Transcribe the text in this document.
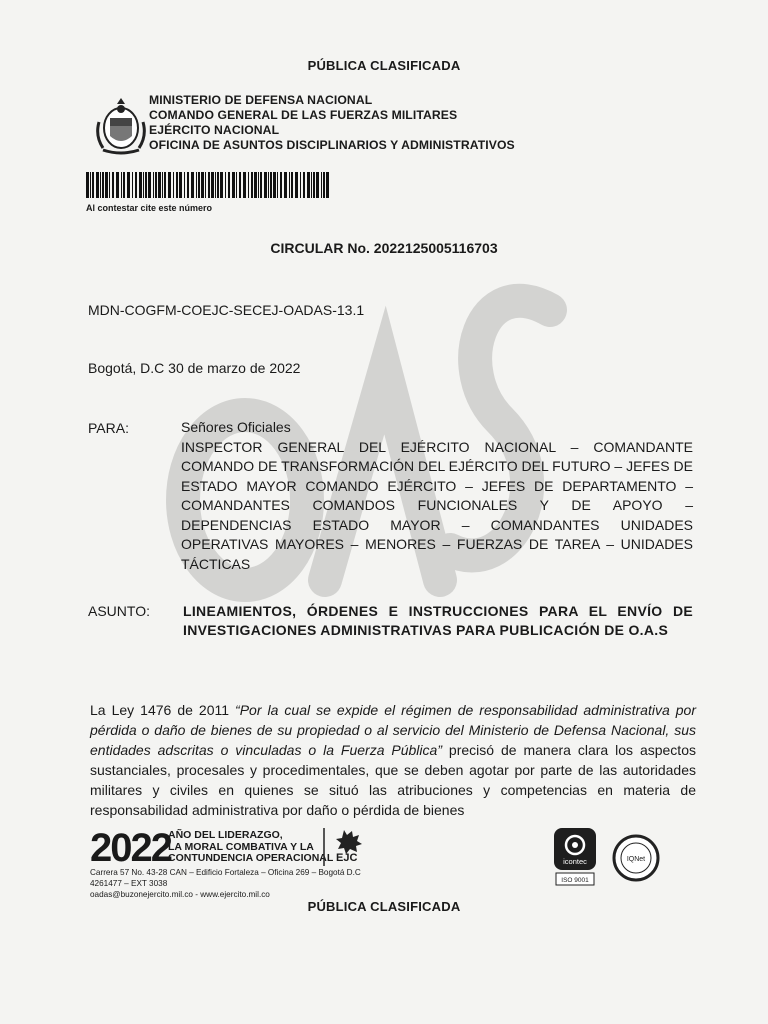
PÚBLICA CLASIFICADA
MINISTERIO DE DEFENSA NACIONAL
COMANDO GENERAL DE LAS FUERZAS MILITARES
EJÉRCITO NACIONAL
OFICINA DE ASUNTOS DISCIPLINARIOS Y ADMINISTRATIVOS
Al contestar cite este número
CIRCULAR No. 2022125005116703
MDN-COGFM-COEJC-SECEJ-OADAS-13.1
Bogotá, D.C 30 de marzo de 2022
PARA:	Señores Oficiales
INSPECTOR GENERAL DEL EJÉRCITO NACIONAL – COMANDANTE COMANDO DE TRANSFORMACIÓN DEL EJÉRCITO DEL FUTURO – JEFES DE ESTADO MAYOR COMANDO EJÉRCITO – JEFES DE DEPARTAMENTO – COMANDANTES COMANDOS FUNCIONALES Y DE APOYO – DEPENDENCIAS ESTADO MAYOR – COMANDANTES UNIDADES OPERATIVAS MAYORES – MENORES – FUERZAS DE TAREA – UNIDADES TÁCTICAS
ASUNTO: LINEAMIENTOS, ÓRDENES E INSTRUCCIONES PARA EL ENVÍO DE INVESTIGACIONES ADMINISTRATIVAS PARA PUBLICACIÓN DE O.A.S
La Ley 1476 de 2011 “Por la cual se expide el régimen de responsabilidad administrativa por pérdida o daño de bienes de su propiedad o al servicio del Ministerio de Defensa Nacional, sus entidades adscritas o vinculadas o la Fuerza Pública” precisó de manera clara los aspectos sustanciales, procesales y procedimentales, que se deben agotar por parte de las autoridades militares y civiles en quienes se situó las atribuciones y competencias en materia de responsabilidad administrativa por daño o pérdida de bienes
2022
AÑO DEL LIDERAZGO,
LA MORAL COMBATIVA Y LA
CONTUNDENCIA OPERACIONAL EJC
Carrera 57 No. 43-28 CAN – Edificio Fortaleza – Oficina 269 – Bogotá D.C
4261477 – EXT 3038
oadas@buzonejercito.mil.co - www.ejercito.mil.co
icontec
ISO 9001
IQNet
PÚBLICA CLASIFICADA
